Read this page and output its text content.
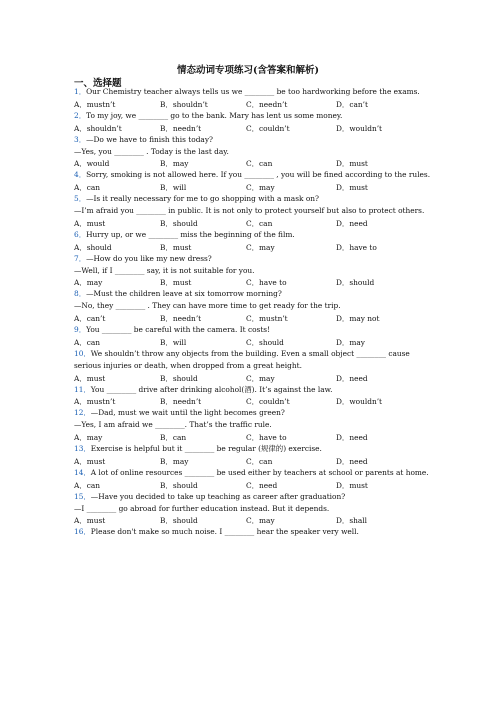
情态动词专项练习(含答案和解析)
一、选择题
1．Our Chemistry teacher always tells us we ________ be too hardworking before the exams.
A．mustn’t	B．shouldn’t	C．needn’t	D．can’t
2．To my joy, we ________ go to the bank. Mary has lent us some money.
A．shouldn’t	B．needn’t	C．couldn’t	D．wouldn’t
3．—Do we have to finish this today?
—Yes, you ________ . Today is the last day.
A．would	B．may	C．can	D．must
4．Sorry, smoking is not allowed here. If you ________ , you will be fined according to the rules.
A．can	B．will	C．may	D．must
5．—Is it really necessary for me to go shopping with a mask on?
—I’m afraid you ________ in public. It is not only to protect yourself but also to protect others.
A．must	B．should	C．can	D．need
6．Hurry up, or we ________ miss the beginning of the film.
A．should	B．must	C．may	D．have to
7．—How do you like my new dress?
—Well, if I ________ say, it is not suitable for you.
A．may	B．must	C．have to	D．should
8．—Must the children leave at six tomorrow morning?
—No, they ________ . They can have more time to get ready for the trip.
A．can’t	B．needn’t	C．mustn’t	D．may not
9．You ________ be careful with the camera. It costs!
A．can	B．will	C．should	D．may
10．We shouldn’t throw any objects from the building. Even a small object ________ cause
serious injuries or death, when dropped from a great height.
A．must	B．should	C．may	D．need
11．You ________ drive after drinking alcohol(酒). It’s against the law.
A．mustn’t	B．needn’t	C．couldn’t	D．wouldn’t
12．—Dad, must we wait until the light becomes green?
—Yes, I am afraid we ________. That’s the traffic rule.
A．may	B．can	C．have to	D．need
13．Exercise is helpful but it ________ be regular (规律的) exercise.
A．must	B．may	C．can	D．need
14．A lot of online resources ________ be used either by teachers at school or parents at home.
A．can	B．should	C．need	D．must
15．—Have you decided to take up teaching as career after graduation?
—I ________ go abroad for further education instead. But it depends.
A．must	B．should	C．may	D．shall
16．Please don't make so much noise. I ________ hear the speaker very well.
